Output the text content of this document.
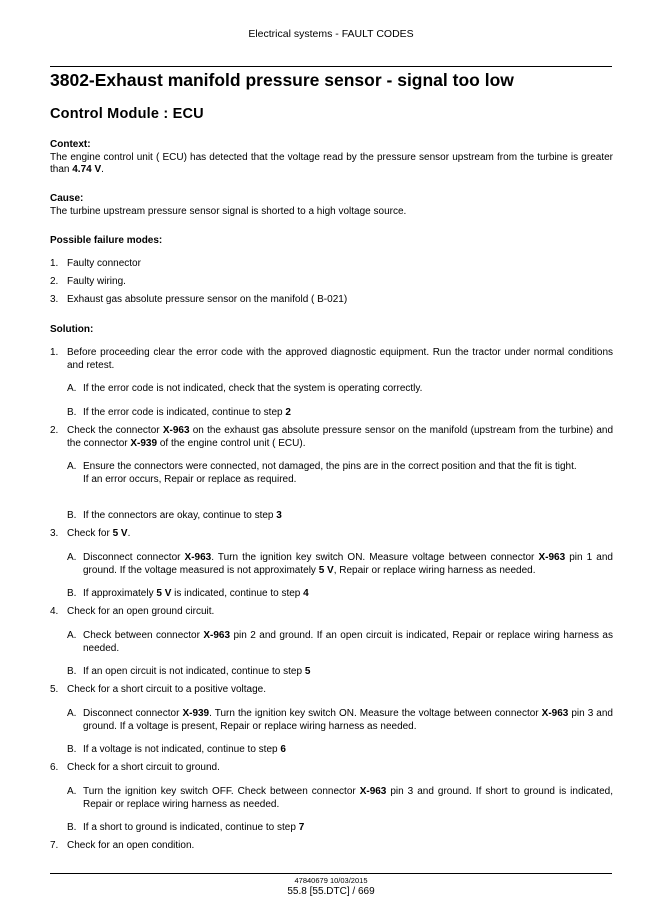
Electrical systems - FAULT CODES
3802-Exhaust manifold pressure sensor - signal too low
Control Module : ECU
Context:
The engine control unit ( ECU) has detected that the voltage read by the pressure sensor upstream from the turbine is greater than 4.74 V.
Cause:
The turbine upstream pressure sensor signal is shorted to a high voltage source.
Possible failure modes:
1. Faulty connector
2. Faulty wiring.
3. Exhaust gas absolute pressure sensor on the manifold ( B-021)
Solution:
1. Before proceeding clear the error code with the approved diagnostic equipment. Run the tractor under normal conditions and retest.
A. If the error code is not indicated, check that the system is operating correctly.
B. If the error code is indicated, continue to step 2
2. Check the connector X-963 on the exhaust gas absolute pressure sensor on the manifold (upstream from the turbine) and the connector X-939 of the engine control unit ( ECU).
A. Ensure the connectors were connected, not damaged, the pins are in the correct position and that the fit is tight.
If an error occurs, Repair or replace as required.
B. If the connectors are okay, continue to step 3
3. Check for 5 V.
A. Disconnect connector X-963. Turn the ignition key switch ON. Measure voltage between connector X-963 pin 1 and ground. If the voltage measured is not approximately 5 V, Repair or replace wiring harness as needed.
B. If approximately 5 V is indicated, continue to step 4
4. Check for an open ground circuit.
A. Check between connector X-963 pin 2 and ground. If an open circuit is indicated, Repair or replace wiring harness as needed.
B. If an open circuit is not indicated, continue to step 5
5. Check for a short circuit to a positive voltage.
A. Disconnect connector X-939. Turn the ignition key switch ON. Measure the voltage between connector X-963 pin 3 and ground. If a voltage is present, Repair or replace wiring harness as needed.
B. If a voltage is not indicated, continue to step 6
6. Check for a short circuit to ground.
A. Turn the ignition key switch OFF. Check between connector X-963 pin 3 and ground. If short to ground is indicated, Repair or replace wiring harness as needed.
B. If a short to ground is indicated, continue to step 7
7. Check for an open condition.
47840679 10/03/2015
55.8 [55.DTC] / 669
